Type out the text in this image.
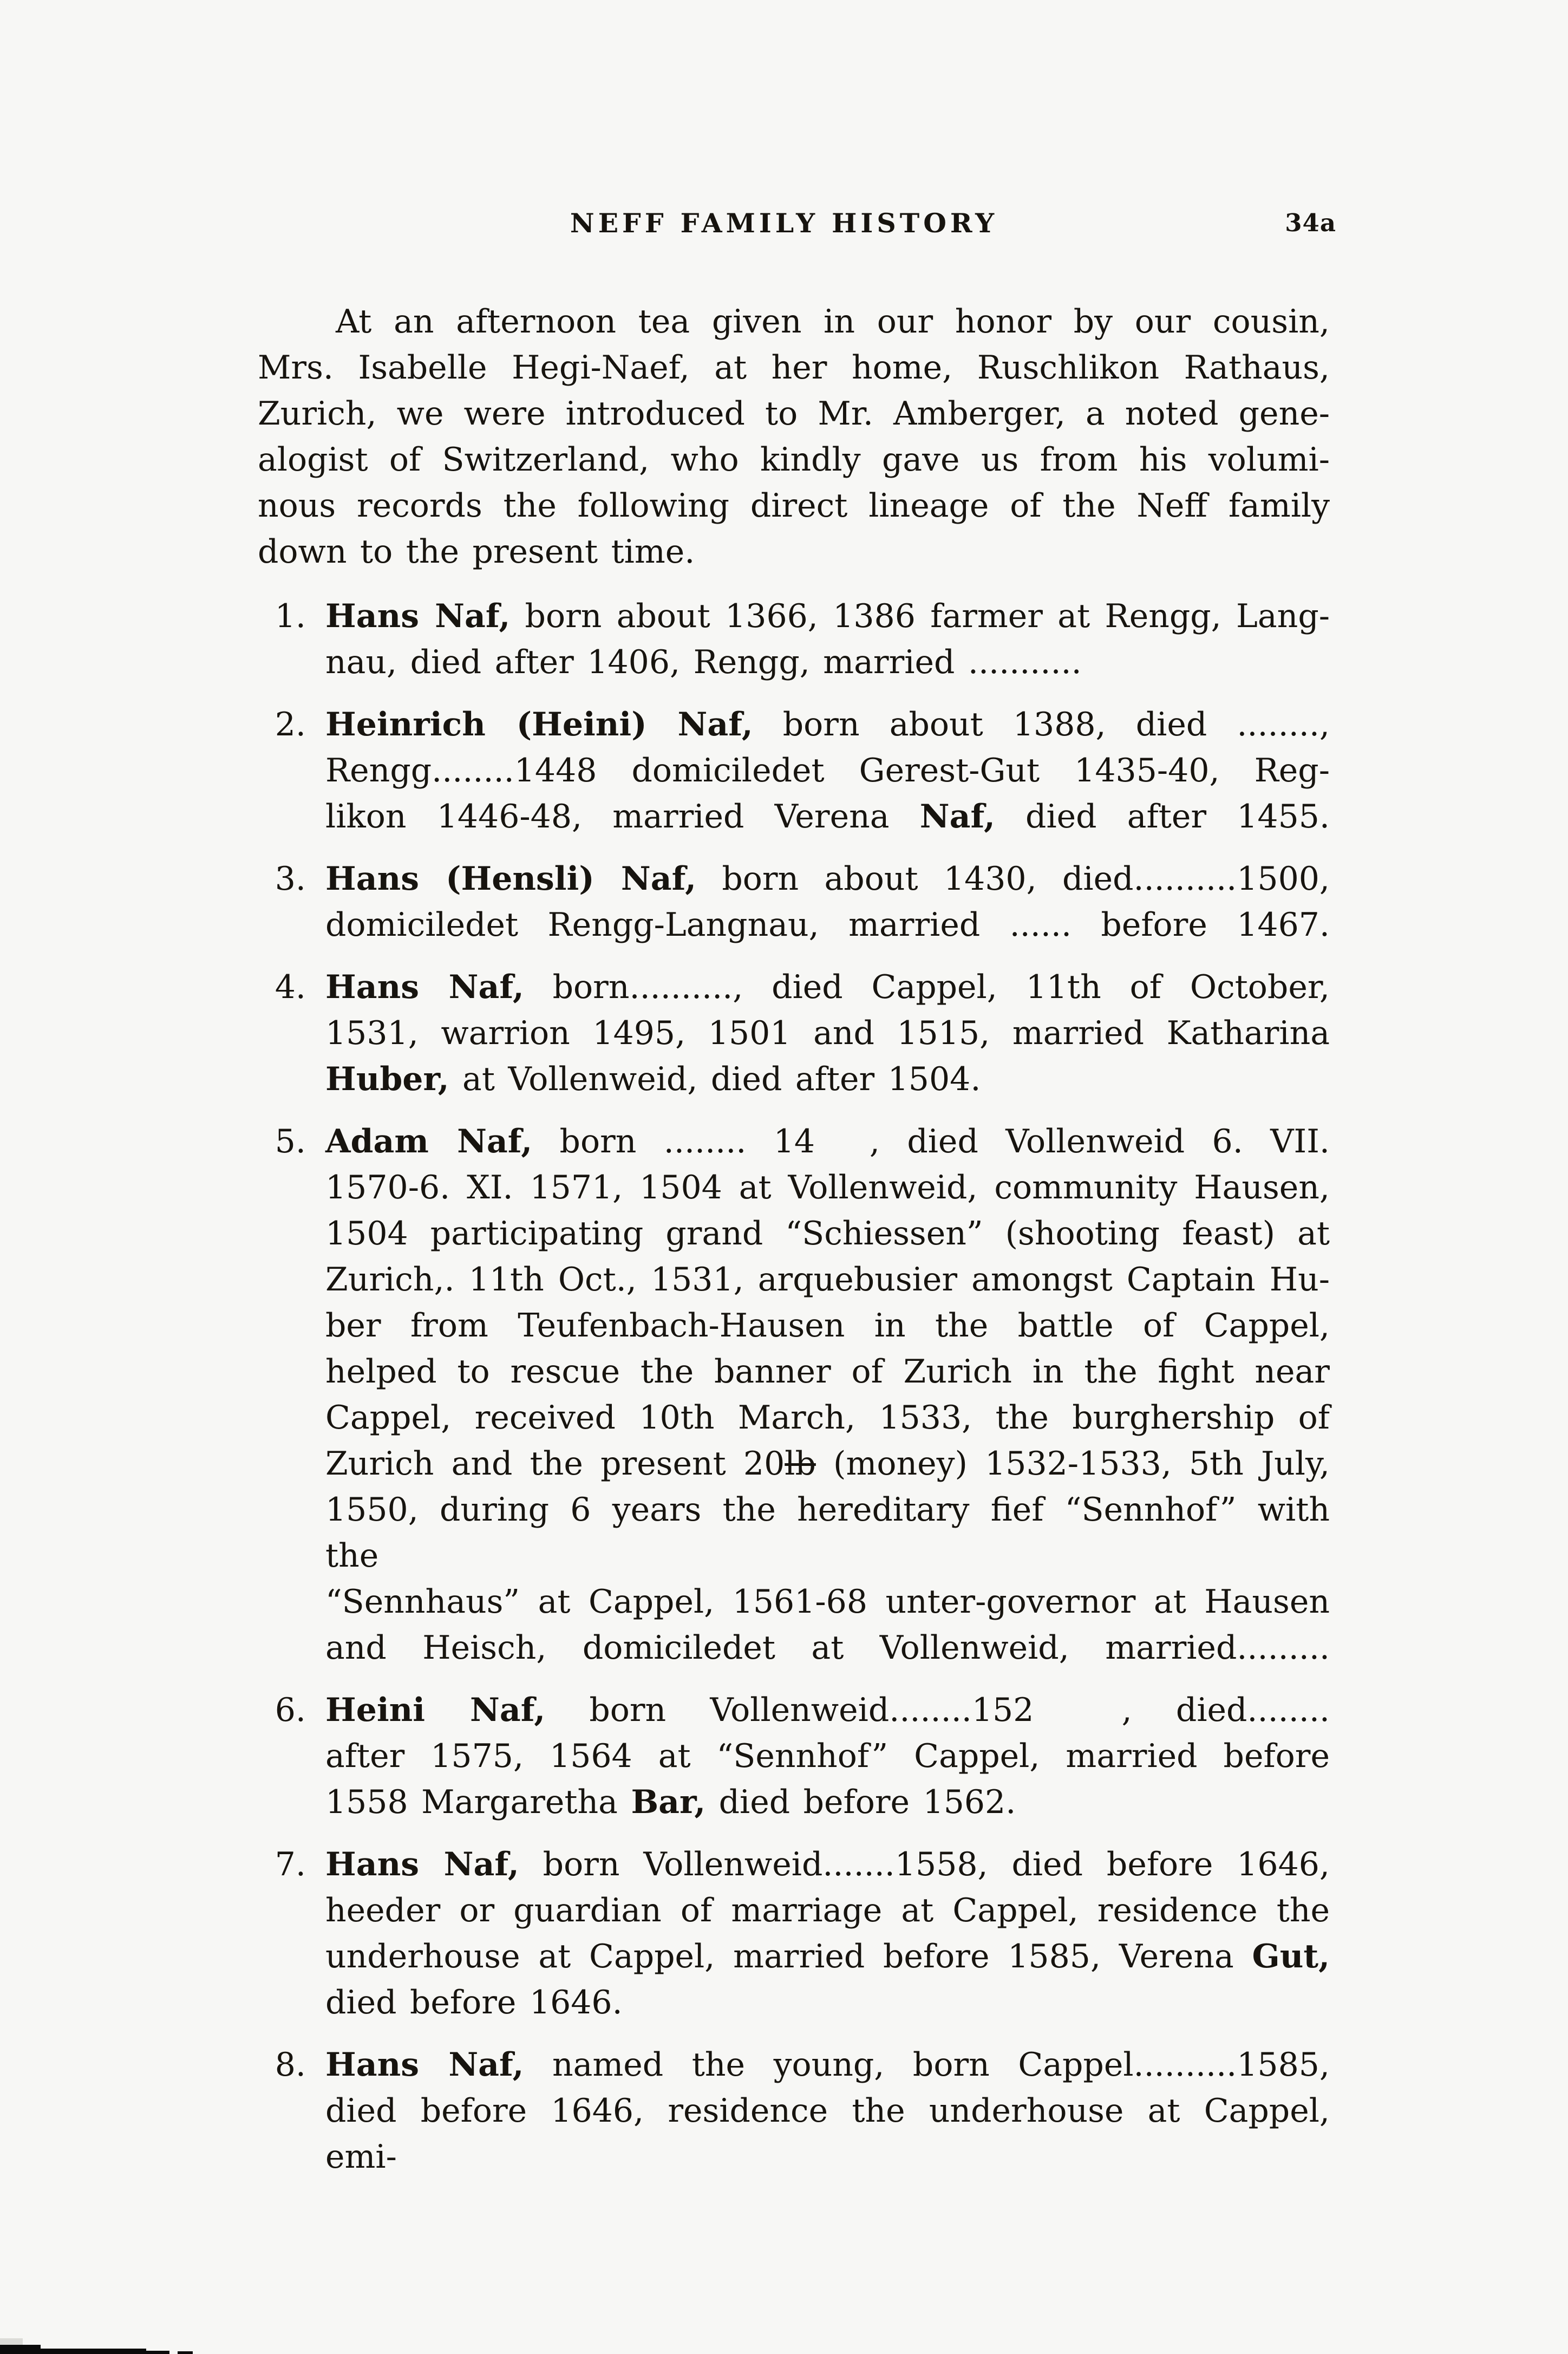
NEFF FAMILY HISTORY	34a
At an afternoon tea given in our honor by our cousin,
Mrs. Isabelle Hegi-Naef, at her home, Ruschlikon Rathaus,
Zurich, we were introduced to Mr. Amberger, a noted gene-
alogist of Switzerland, who kindly gave us from his volumi-
nous records the following direct lineage of the Neff family
down to the present time.
1. Hans Naf, born about 1366, 1386 farmer at Rengg, Lang-
nau, died after 1406, Rengg, married ...........
2. Heinrich (Heini) Naf, born about 1388, died ........,
Rengg........1448 domiciledet Gerest-Gut 1435-40, Reg-
likon 1446-48, married Verena Naf, died after 1455.
3. Hans (Hensli) Naf, born about 1430, died..........1500,
domiciledet Rengg-Langnau, married ...... before 1467.
4. Hans Naf, born.........., died Cappel, 11th of October,
1531, warrion 1495, 1501 and 1515, married Katharina
Huber, at Vollenweid, died after 1504.
5. Adam Naf, born ........ 14  , died Vollenweid 6. VII.
1570-6. XI. 1571, 1504 at Vollenweid, community Hausen,
1504 participating grand “Schiessen” (shooting feast) at
Zurich,. 11th Oct., 1531, arquebusier amongst Captain Hu-
ber from Teufenbach-Hausen in the battle of Cappel,
helped to rescue the banner of Zurich in the fight near
Cappel, received 10th March, 1533, the burghership of
Zurich and the present 20lb (money) 1532-1533, 5th July,
1550, during 6 years the hereditary fief “Sennhof” with the
“Sennhaus” at Cappel, 1561-68 unter-governor at Hausen
and Heisch, domiciledet at Vollenweid, married.........
6. Heini Naf, born Vollenweid........152  , died........
after 1575, 1564 at “Sennhof” Cappel, married before
1558 Margaretha Bar, died before 1562.
7. Hans Naf, born Vollenweid.......1558, died before 1646,
heeder or guardian of marriage at Cappel, residence the
underhouse at Cappel, married before 1585, Verena Gut,
died before 1646.
8. Hans Naf, named the young, born Cappel..........1585,
died before 1646, residence the underhouse at Cappel, emi-
